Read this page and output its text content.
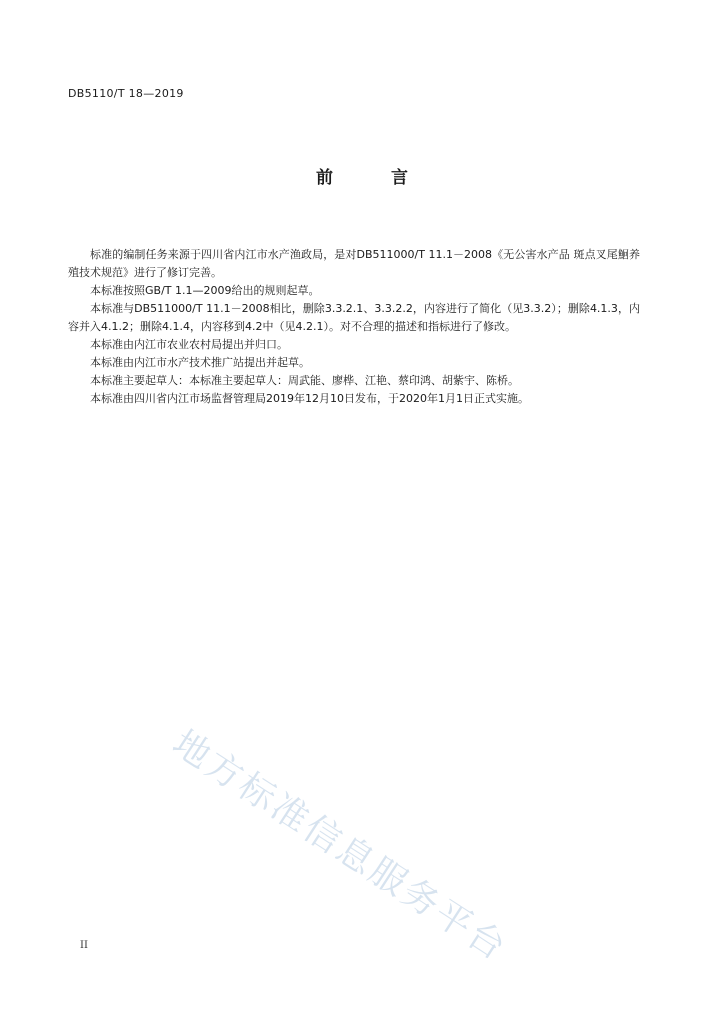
DB5110/T 18—2019
前 言

标准的编制任务来源于四川省内江市水产渔政局，是对DB511000/T 11.1－2008《无公害水产品 斑点叉尾鮰养殖技术规范》进行了修订完善。

本标准按照GB/T 1.1—2009给出的规则起草。

本标准与DB511000/T 11.1－2008相比，删除3.3.2.1、3.3.2.2，内容进行了简化（见3.3.2）；删除4.1.3，内容并入4.1.2；删除4.1.4，内容移到4.2中（见4.2.1）。对不合理的描述和指标进行了修改。

本标准由内江市农业农村局提出并归口。

本标准由内江市水产技术推广站提出并起草。

本标准主要起草人：本标准主要起草人：周武能、廖桦、江艳、蔡印鸿、胡紫宇、陈桥。

本标准由四川省内江市场监督管理局2019年12月10日发布，于2020年1月1日正式实施。

地方标准信息服务平台
II
